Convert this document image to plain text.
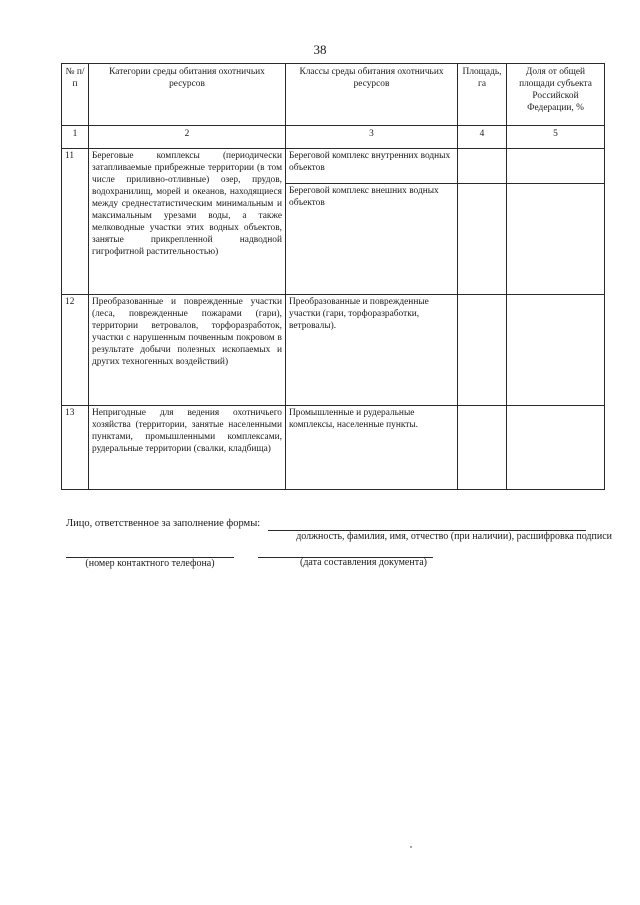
38
№ п/п	Категории среды обитания охотничьих ресурсов	Классы среды обитания охотничьих ресурсов	Площадь, га	Доля от общей площади субъекта Российской Федерации, %
1	2	3	4	5
11	Береговые комплексы (периодически затапливаемые прибрежные территории (в том числе приливно-отливные) озер, прудов, водохранилищ, морей и океанов, находящиеся между среднестатистическим минимальным и максимальным урезами воды, а также мелководные участки этих водных объектов, занятые прикрепленной надводной гигрофитной растительностью)	Береговой комплекс внутренних водных объектов		
		Береговой комплекс внешних водных объектов		
12	Преобразованные и поврежденные участки (леса, поврежденные пожарами (гари), территории ветровалов, торфоразработок, участки с нарушенным почвенным покровом в результате добычи полезных ископаемых и других техногенных воздействий)	Преобразованные и поврежденные участки (гари, торфоразработки, ветровалы).		
13	Непригодные для ведения охотничьего хозяйства (территории, занятые населенными пунктами, промышленными комплексами, рудеральные территории (свалки, кладбища)	Промышленные и рудеральные комплексы, населенные пункты.		
Лицо, ответственное за заполнение формы:
должность, фамилия, имя, отчество (при наличии), расшифровка подписи
(номер контактного телефона)	(дата составления документа)
